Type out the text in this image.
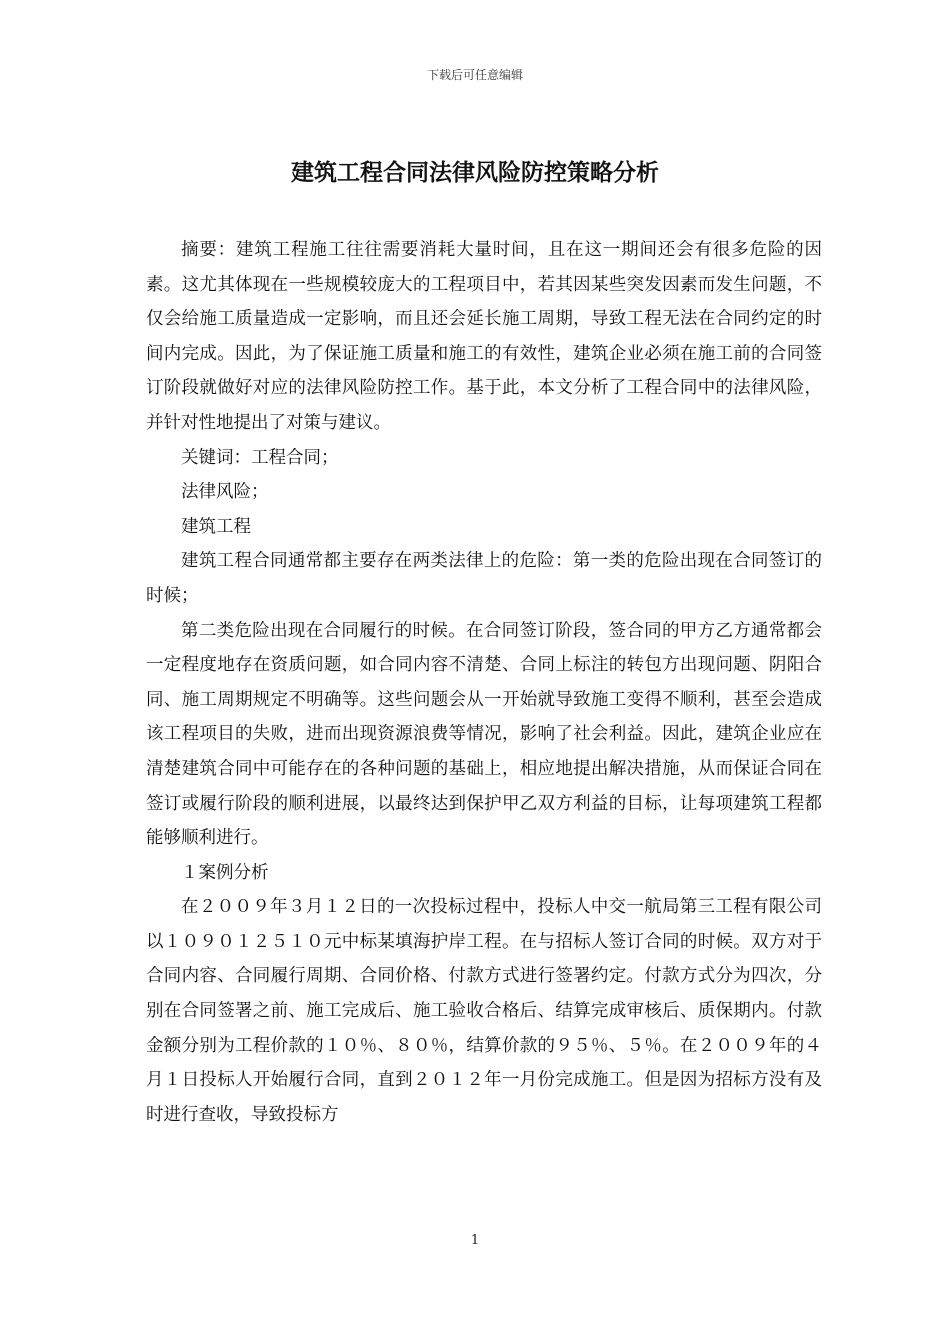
下载后可任意编辑
建筑工程合同法律风险防控策略分析

摘要：建筑工程施工往往需要消耗大量时间，且在这一期间还会有很多危险的因素。这尤其体现在一些规模较庞大的工程项目中，若其因某些突发因素而发生问题，不仅会给施工质量造成一定影响，而且还会延长施工周期，导致工程无法在合同约定的时间内完成。因此，为了保证施工质量和施工的有效性，建筑企业必须在施工前的合同签订阶段就做好对应的法律风险防控工作。基于此，本文分析了工程合同中的法律风险，并针对性地提出了对策与建议。

关键词：工程合同；

法律风险；

建筑工程

建筑工程合同通常都主要存在两类法律上的危险：第一类的危险出现在合同签订的时候；

第二类危险出现在合同履行的时候。在合同签订阶段，签合同的甲方乙方通常都会一定程度地存在资质问题，如合同内容不清楚、合同上标注的转包方出现问题、阴阳合同、施工周期规定不明确等。这些问题会从一开始就导致施工变得不顺利，甚至会造成该工程项目的失败，进而出现资源浪费等情况，影响了社会利益。因此，建筑企业应在清楚建筑合同中可能存在的各种问题的基础上，相应地提出解决措施，从而保证合同在签订或履行阶段的顺利进展，以最终达到保护甲乙双方利益的目标，让每项建筑工程都能够顺利进行。

１案例分析

在２００９年３月１２日的一次投标过程中，投标人中交一航局第三工程有限公司以１０９０１２５１０元中标某填海护岸工程。在与招标人签订合同的时候。双方对于合同内容、合同履行周期、合同价格、付款方式进行签署约定。付款方式分为四次，分别在合同签署之前、施工完成后、施工验收合格后、结算完成审核后、质保期内。付款金额分别为工程价款的１０％、８０％，结算价款的９５％、５％。在２００９年的４月１日投标人开始履行合同，直到２０１２年一月份完成施工。但是因为招标方没有及时进行查收，导致投标方

1
